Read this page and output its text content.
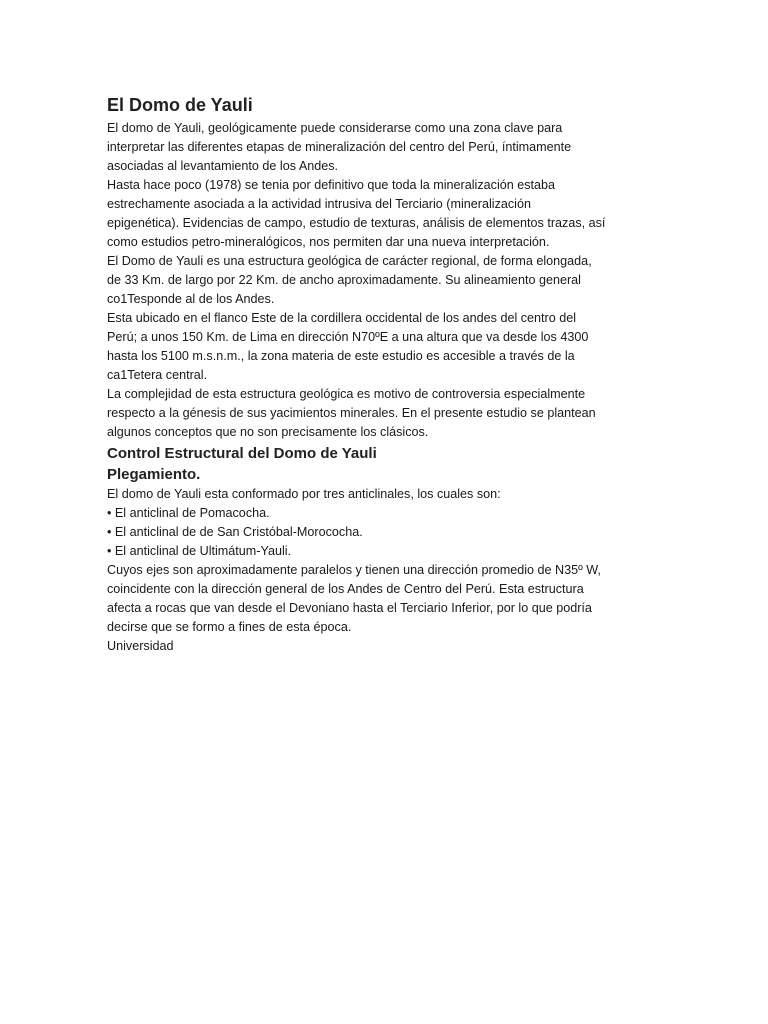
El Domo de Yauli

El domo de Yauli, geológicamente puede considerarse como una zona clave para

interpretar las diferentes etapas de mineralización del centro del Perú, íntimamente

asociadas al levantamiento de los Andes.

Hasta hace poco (1978) se tenia por definitivo que toda la mineralización estaba

estrechamente asociada a la actividad intrusiva del Terciario (mineralización

epigenética). Evidencias de campo, estudio de texturas, análisis de elementos trazas, así

como estudios petro-mineralógicos, nos permiten dar una nueva interpretación.

El Domo de Yauli es una estructura geológica de carácter regional, de forma elongada,

de 33 Km. de largo por 22 Km. de ancho aproximadamente. Su alineamiento general

co1Tesponde al de los Andes.

Esta ubicado en el flanco Este de la cordillera occidental de los andes del centro del

Perú; a unos 150 Km. de Lima en dirección N70ºE a una altura que va desde los 4300

hasta los 5100 m.s.n.m., la zona materia de este estudio es accesible a través de la

ca1Tetera central.

La complejidad de esta estructura geológica es motivo de controversia especialmente

respecto a la génesis de sus yacimientos minerales. En el presente estudio se plantean

algunos conceptos que no son precisamente los clásicos.

Control Estructural del Domo de Yauli
Plegamiento.

El domo de Yauli esta conformado por tres anticlinales, los cuales son:

• El anticlinal de Pomacocha.

• El anticlinal de de San Cristóbal-Morococha.

• El anticlinal de Ultimátum-Yauli.

Cuyos ejes son aproximadamente paralelos y tienen una dirección promedio de N35º W,

coincidente con la dirección general de los Andes de Centro del Perú. Esta estructura

afecta a rocas que van desde el Devoniano hasta el Terciario Inferior, por lo que podría

decirse que se formo a fines de esta época.

Universidad
